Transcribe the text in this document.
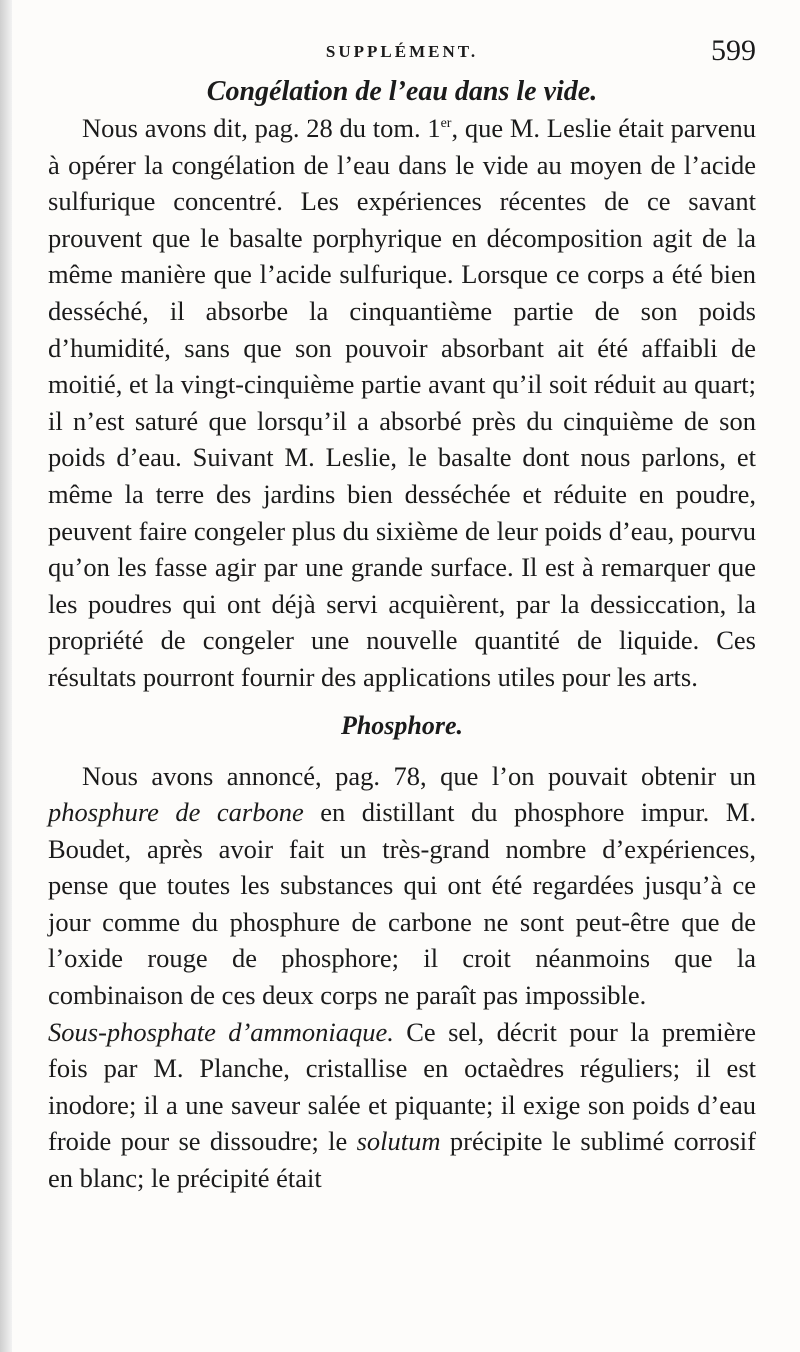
SUPPLÉMENT.	599
Congélation de l’eau dans le vide.

Nous avons dit, pag. 28 du tom. 1er, que M. Leslie était parvenu à opérer la congélation de l’eau dans le vide au moyen de l’acide sulfurique concentré. Les expériences récentes de ce savant prouvent que le basalte porphyrique en décomposition agit de la même manière que l’acide sulfurique. Lorsque ce corps a été bien desséché, il absorbe la cinquantième partie de son poids d’humidité, sans que son pouvoir absorbant ait été affaibli de moitié, et la vingt-cinquième partie avant qu’il soit réduit au quart; il n’est saturé que lorsqu’il a absorbé près du cinquième de son poids d’eau. Suivant M. Leslie, le basalte dont nous parlons, et même la terre des jardins bien desséchée et réduite en poudre, peuvent faire congeler plus du sixième de leur poids d’eau, pourvu qu’on les fasse agir par une grande surface. Il est à remarquer que les poudres qui ont déjà servi acquièrent, par la dessiccation, la propriété de congeler une nouvelle quantité de liquide. Ces résultats pourront fournir des applications utiles pour les arts.

Phosphore.

Nous avons annoncé, pag. 78, que l’on pouvait obtenir un phosphure de carbone en distillant du phosphore impur. M. Boudet, après avoir fait un très-grand nombre d’expériences, pense que toutes les substances qui ont été regardées jusqu’à ce jour comme du phosphure de carbone ne sont peut-être que de l’oxide rouge de phosphore; il croit néanmoins que la combinaison de ces deux corps ne paraît pas impossible.

Sous-phosphate d’ammoniaque. Ce sel, décrit pour la première fois par M. Planche, cristallise en octaèdres réguliers; il est inodore; il a une saveur salée et piquante; il exige son poids d’eau froide pour se dissoudre; le solutum précipite le sublimé corrosif en blanc; le précipité était
